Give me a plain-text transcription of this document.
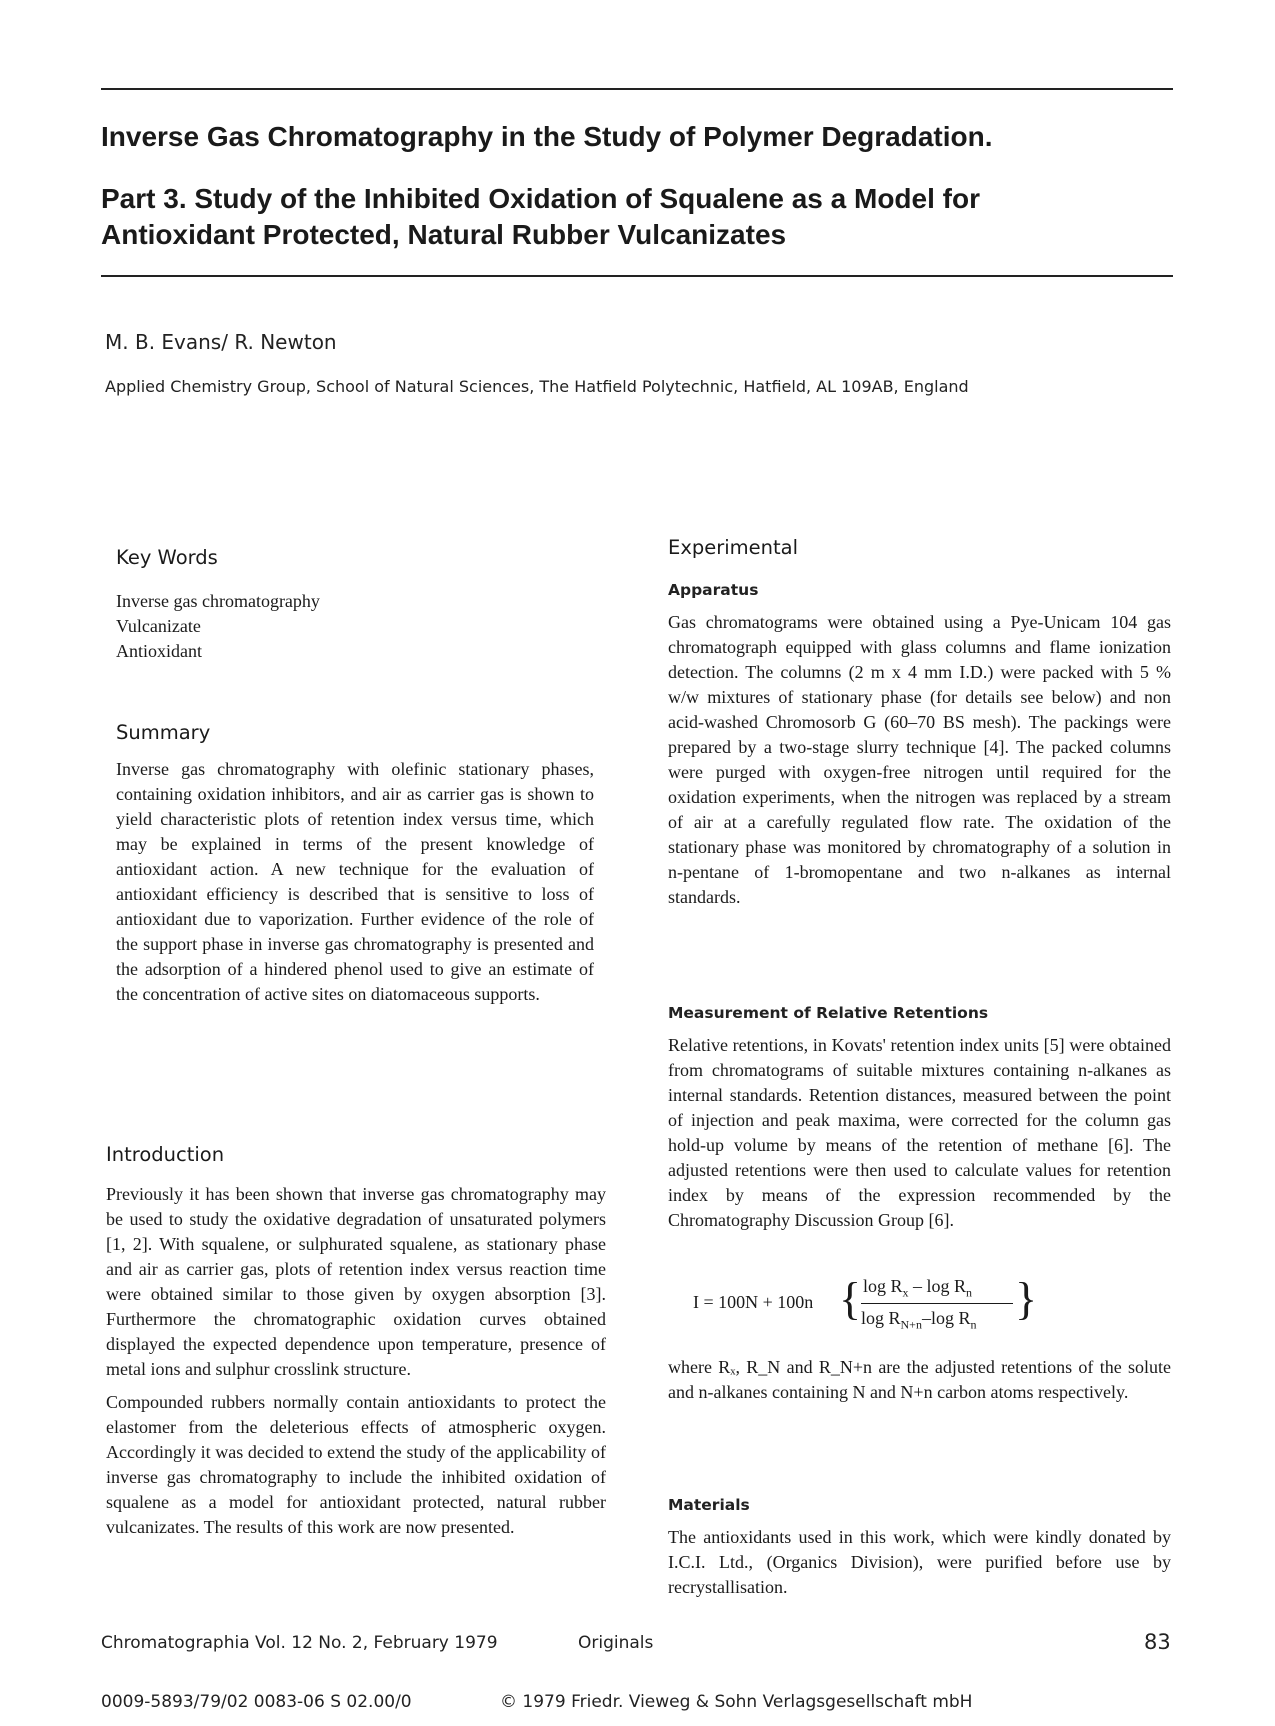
Inverse Gas Chromatography in the Study of Polymer Degradation.
Part 3. Study of the Inhibited Oxidation of Squalene as a Model for
Antioxidant Protected, Natural Rubber Vulcanizates
M. B. Evans/ R. Newton
Applied Chemistry Group, School of Natural Sciences, The Hatfield Polytechnic, Hatfield, AL 109AB, England
Key Words
Inverse gas chromatography
Vulcanizate
Antioxidant
Summary

Inverse gas chromatography with olefinic stationary phases, containing oxidation inhibitors, and air as carrier gas is shown to yield characteristic plots of retention index versus time, which may be explained in terms of the present knowledge of antioxidant action. A new technique for the evaluation of antioxidant efficiency is described that is sensitive to loss of antioxidant due to vaporization. Further evidence of the role of the support phase in inverse gas chromatography is presented and the adsorption of a hindered phenol used to give an estimate of the concentration of active sites on diatomaceous supports.

Introduction

Previously it has been shown that inverse gas chromatography may be used to study the oxidative degradation of unsaturated polymers [1, 2]. With squalene, or sulphurated squalene, as stationary phase and air as carrier gas, plots of retention index versus reaction time were obtained similar to those given by oxygen absorption [3]. Furthermore the chromatographic oxidation curves obtained displayed the expected dependence upon temperature, presence of metal ions and sulphur crosslink structure.

Compounded rubbers normally contain antioxidants to protect the elastomer from the deleterious effects of atmospheric oxygen. Accordingly it was decided to extend the study of the applicability of inverse gas chromatography to include the inhibited oxidation of squalene as a model for antioxidant protected, natural rubber vulcanizates. The results of this work are now presented.

Experimental
Apparatus

Gas chromatograms were obtained using a Pye-Unicam 104 gas chromatograph equipped with glass columns and flame ionization detection. The columns (2 m x 4 mm I.D.) were packed with 5 % w/w mixtures of stationary phase (for details see below) and non acid-washed Chromosorb G (60–70 BS mesh). The packings were prepared by a two-stage slurry technique [4]. The packed columns were purged with oxygen-free nitrogen until required for the oxidation experiments, when the nitrogen was replaced by a stream of air at a carefully regulated flow rate. The oxidation of the stationary phase was monitored by chromatography of a solution in n-pentane of 1-bromopentane and two n-alkanes as internal standards.

Measurement of Relative Retentions

Relative retentions, in Kovats' retention index units [5] were obtained from chromatograms of suitable mixtures containing n-alkanes as internal standards. Retention distances, measured between the point of injection and peak maxima, were corrected for the column gas hold-up volume by means of the retention of methane [6]. The adjusted retentions were then used to calculate values for retention index by means of the expression recommended by the Chromatography Discussion Group [6].

I = 100N + 100n { $\log R_x$ – $\log R_n$
$\log R_{N+n}-\log$ $R_n$
}

where Rₓ, R_N and R_N+n are the adjusted retentions of the solute and n-alkanes containing N and N+n carbon atoms respectively.

Materials

The antioxidants used in this work, which were kindly donated by I.C.I. Ltd., (Organics Division), were purified before use by recrystallisation.

Chromatographia Vol. 12 No. 2, February 1979	Originals	83
0009-5893/79/02 0083-06 S 02.00/0	© 1979 Friedr. Vieweg & Sohn Verlagsgesellschaft mbH
